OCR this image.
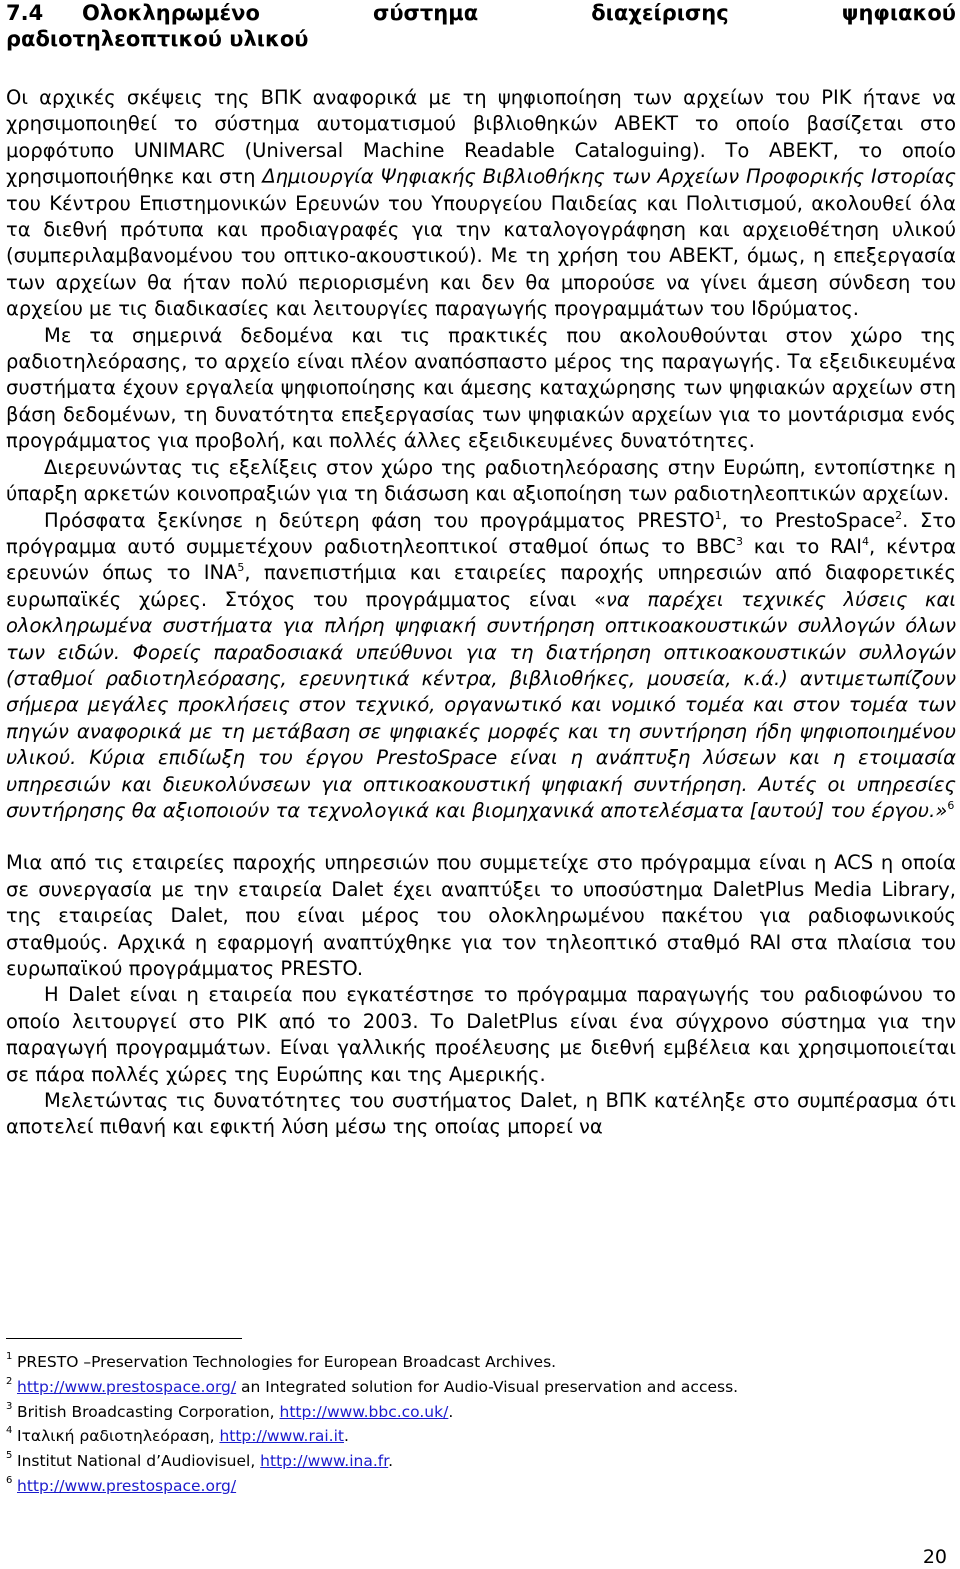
7.4 Ολοκληρωμένο	σύστημα	διαχείρισης	ψηφιακού
ραδιοτηλεοπτικού υλικού

Οι αρχικές σκέψεις της ΒΠΚ αναφορικά με τη ψηφιοποίηση των αρχείων του ΡΙΚ ήτανε να χρησιμοποιηθεί το σύστημα αυτοματισμού βιβλιοθηκών ΑΒΕΚΤ το οποίο βασίζεται στο μορφότυπο UNIMARC (Universal Machine Readable Cataloguing). Το ΑΒΕΚΤ, το οποίο χρησιμοποιήθηκε και στη Δημιουργία Ψηφιακής Βιβλιοθήκης των Αρχείων Προφορικής Ιστορίας του Κέντρου Επιστημονικών Ερευνών του Υπουργείου Παιδείας και Πολιτισμού, ακολουθεί όλα τα διεθνή πρότυπα και προδιαγραφές για την καταλογογράφηση και αρχειοθέτηση υλικού (συμπεριλαμβανομένου του οπτικο-ακουστικού). Με τη χρήση του ΑΒΕΚΤ, όμως, η επεξεργασία των αρχείων θα ήταν πολύ περιορισμένη και δεν θα μπορούσε να γίνει άμεση σύνδεση του αρχείου με τις διαδικασίες και λειτουργίες παραγωγής προγραμμάτων του Ιδρύματος.

Με τα σημερινά δεδομένα και τις πρακτικές που ακολουθούνται στον χώρο της ραδιοτηλεόρασης, το αρχείο είναι πλέον αναπόσπαστο μέρος της παραγωγής. Τα εξειδικευμένα συστήματα έχουν εργαλεία ψηφιοποίησης και άμεσης καταχώρησης των ψηφιακών αρχείων στη βάση δεδομένων, τη δυνατότητα επεξεργασίας των ψηφιακών αρχείων για το μοντάρισμα ενός προγράμματος για προβολή, και πολλές άλλες εξειδικευμένες δυνατότητες.

Διερευνώντας τις εξελίξεις στον χώρο της ραδιοτηλεόρασης στην Ευρώπη, εντοπίστηκε η ύπαρξη αρκετών κοινοπραξιών για τη διάσωση και αξιοποίηση των ραδιοτηλεοπτικών αρχείων.

Πρόσφατα ξεκίνησε η δεύτερη φάση του προγράμματος PRESTO$^1$, το PrestoSpace$^2$. Στο πρόγραμμα αυτό συμμετέχουν ραδιοτηλεοπτικοί σταθμοί όπως το BBC$^3$ και το RAI$^4$, κέντρα ερευνών όπως το INA$^5$, πανεπιστήμια και εταιρείες παροχής υπηρεσιών από διαφορετικές ευρωπαϊκές χώρες. Στόχος του προγράμματος είναι «να παρέχει τεχνικές λύσεις και ολοκληρωμένα συστήματα για πλήρη ψηφιακή συντήρηση οπτικοακουστικών συλλογών όλων των ειδών. Φορείς παραδοσιακά υπεύθυνοι για τη διατήρηση οπτικοακουστικών συλλογών (σταθμοί ραδιοτηλεόρασης, ερευνητικά κέντρα, βιβλιοθήκες, μουσεία, κ.ά.) αντιμετωπίζουν σήμερα μεγάλες προκλήσεις στον τεχνικό, οργανωτικό και νομικό τομέα και στον τομέα των πηγών αναφορικά με τη μετάβαση σε ψηφιακές μορφές και τη συντήρηση ήδη ψηφιοποιημένου υλικού. Κύρια επιδίωξη του έργου PrestoSpace είναι η ανάπτυξη λύσεων και η ετοιμασία υπηρεσιών και διευκολύνσεων για οπτικοακουστική ψηφιακή συντήρηση. Αυτές οι υπηρεσίες συντήρησης θα αξιοποιούν τα τεχνολογικά και βιομηχανικά αποτελέσματα [αυτού] του έργου.»$^6$

Μια από τις εταιρείες παροχής υπηρεσιών που συμμετείχε στο πρόγραμμα είναι η ACS η οποία σε συνεργασία με την εταιρεία Dalet έχει αναπτύξει το υποσύστημα DaletPlus Media Library, της εταιρείας Dalet, που είναι μέρος του ολοκληρωμένου πακέτου για ραδιοφωνικούς σταθμούς. Αρχικά η εφαρμογή αναπτύχθηκε για τον τηλεοπτικό σταθμό RAI στα πλαίσια του ευρωπαϊκού προγράμματος PRESTO.

Η Dalet είναι η εταιρεία που εγκατέστησε το πρόγραμμα παραγωγής του ραδιοφώνου το οποίο λειτουργεί στο ΡΙΚ από το 2003. Το DaletPlus είναι ένα σύγχρονο σύστημα για την παραγωγή προγραμμάτων. Είναι γαλλικής προέλευσης με διεθνή εμβέλεια και χρησιμοποιείται σε πάρα πολλές χώρες της Ευρώπης και της Αμερικής.

Μελετώντας τις δυνατότητες του συστήματος Dalet, η ΒΠΚ κατέληξε στο συμπέρασμα ότι αποτελεί πιθανή και εφικτή λύση μέσω της οποίας μπορεί να

1 PRESTO –Preservation Technologies for European Broadcast Archives.
2 http://www.prestospace.org/ an Integrated solution for Audio-Visual preservation and access.
3 British Broadcasting Corporation, http://www.bbc.co.uk/.
4 Ιταλική ραδιοτηλεόραση, http://www.rai.it.
5 Institut National d’Audiovisuel, http://www.ina.fr.
6 http://www.prestospace.org/
20
